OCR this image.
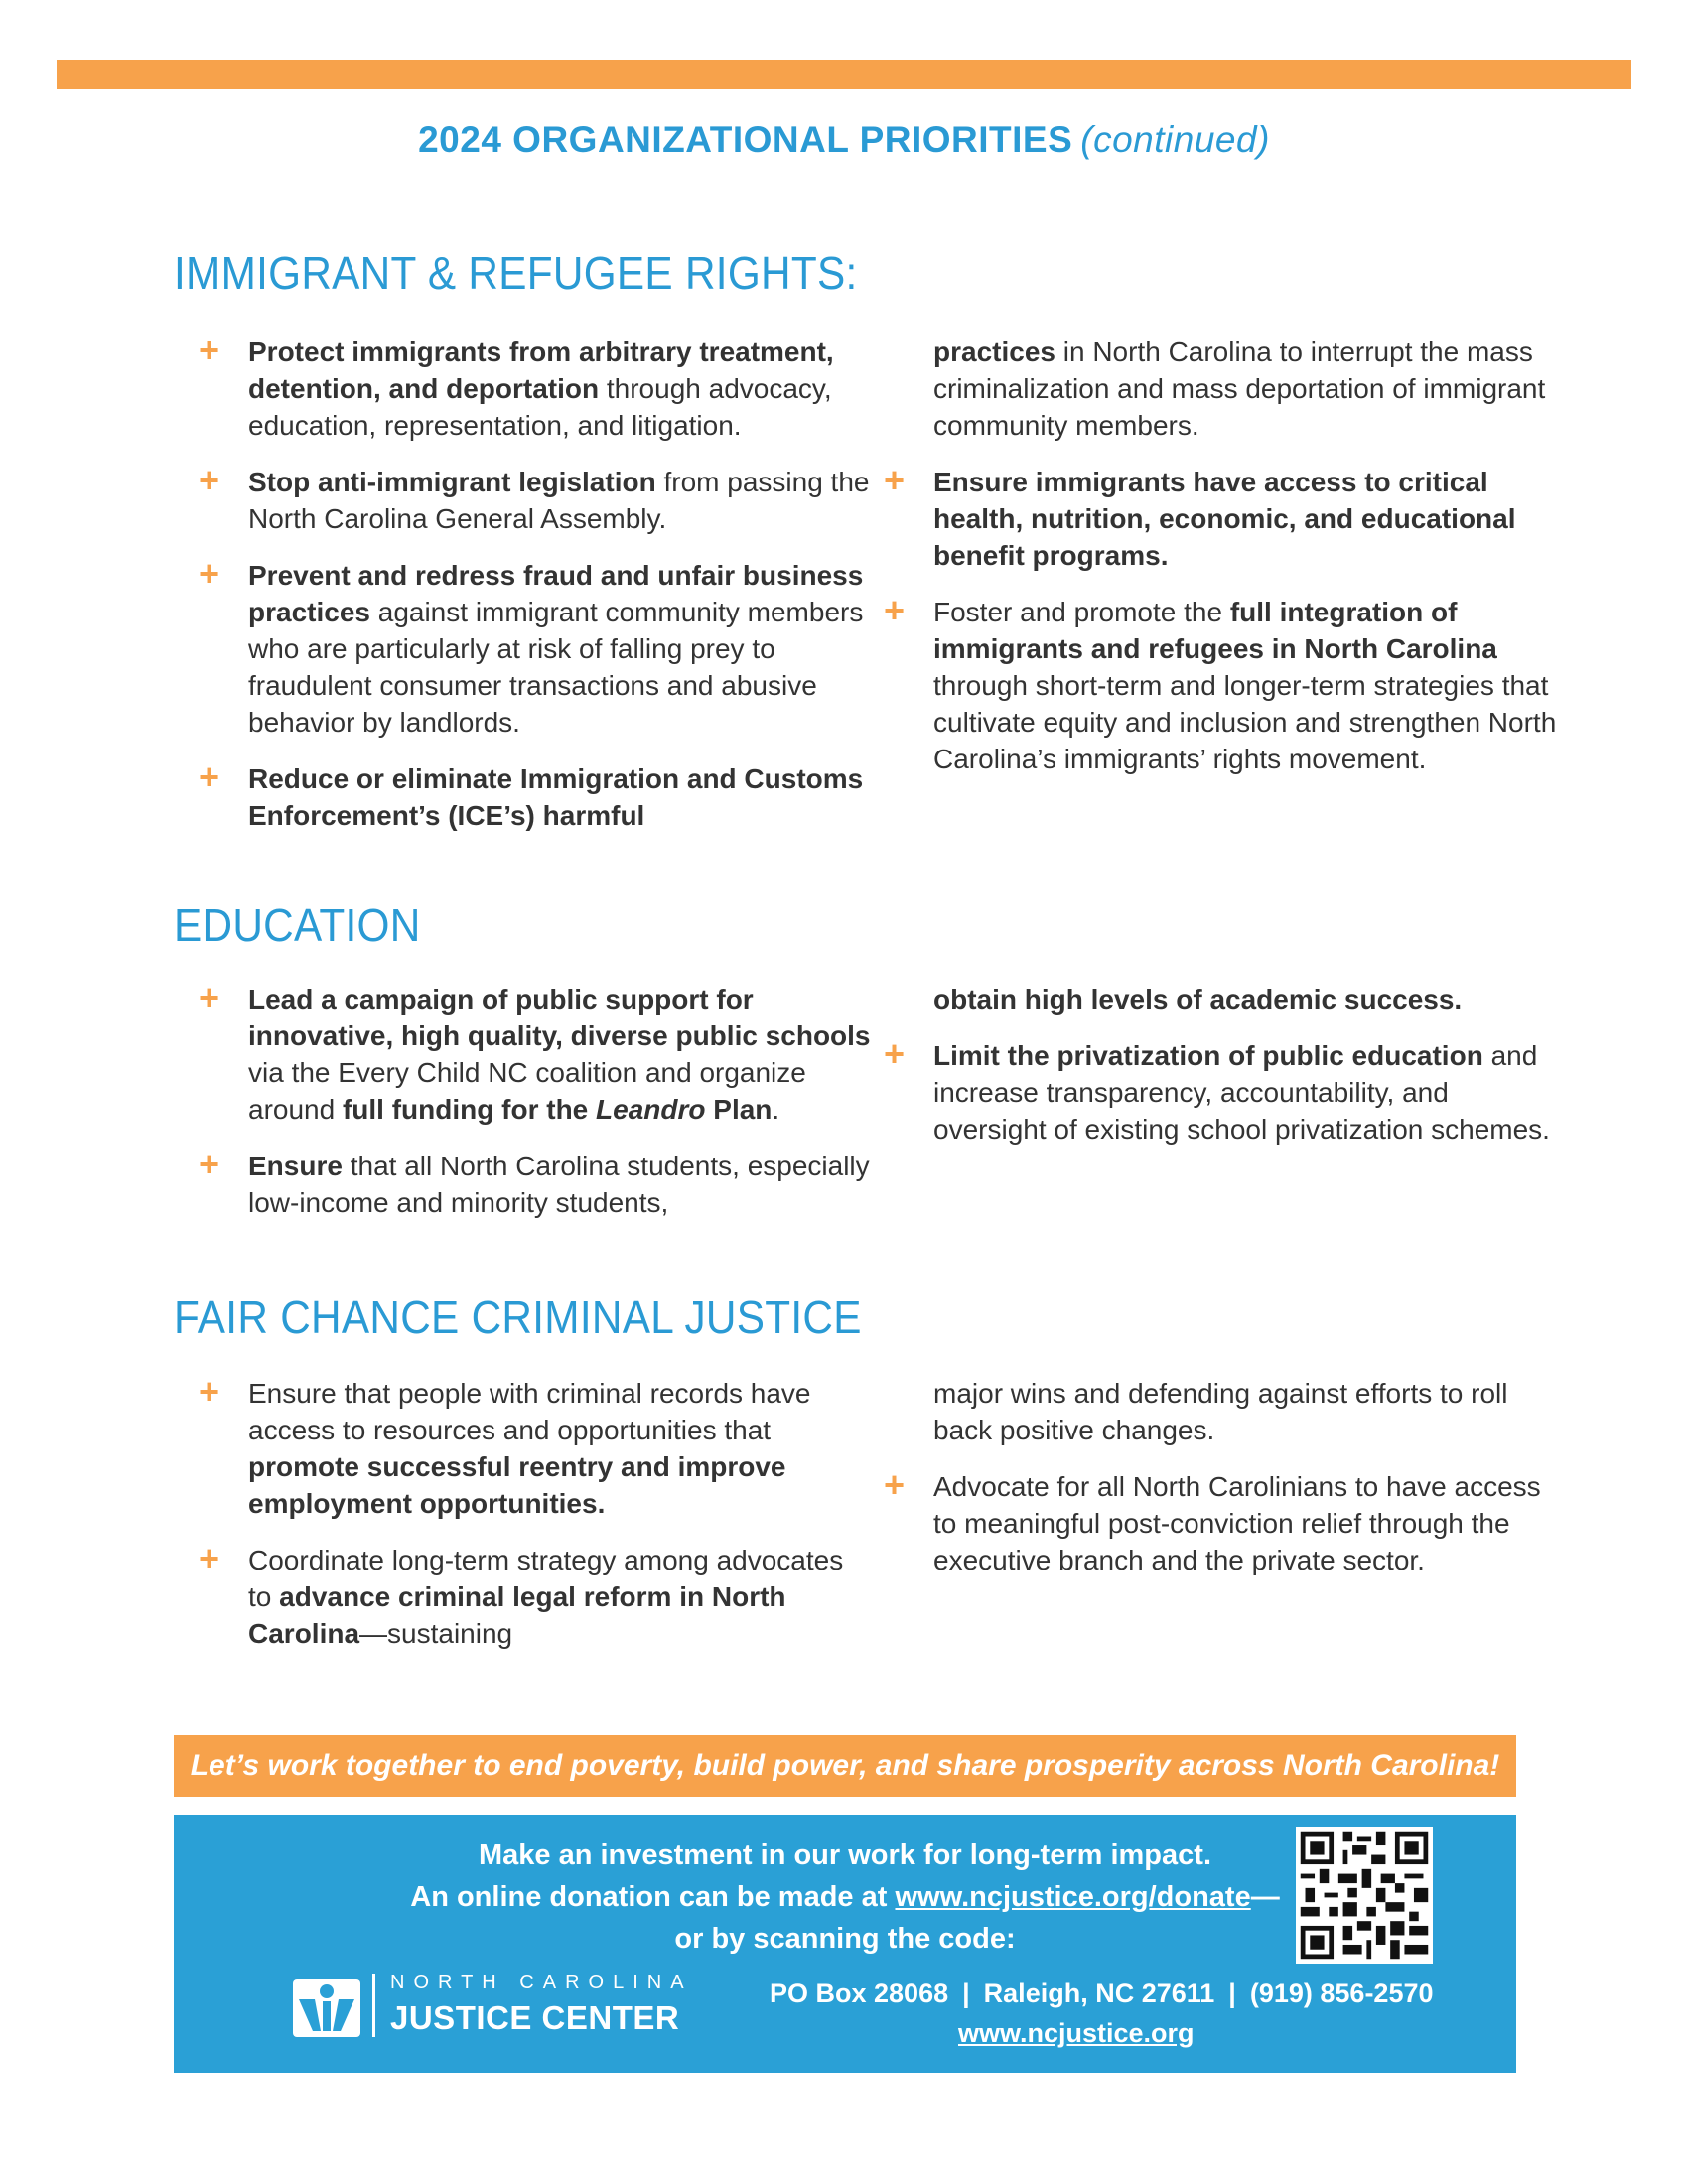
2024 ORGANIZATIONAL PRIORITIES (continued)
IMMIGRANT & REFUGEE RIGHTS:
+ Protect immigrants from arbitrary treatment, detention, and deportation through advocacy, education, representation, and litigation.
+ Stop anti-immigrant legislation from passing the North Carolina General Assembly.
+ Prevent and redress fraud and unfair business practices against immigrant community members who are particularly at risk of falling prey to fraudulent consumer transactions and abusive behavior by landlords.
+ Reduce or eliminate Immigration and Customs Enforcement’s (ICE’s) harmful
practices in North Carolina to interrupt the mass criminalization and mass deportation of immigrant community members.
+ Ensure immigrants have access to critical health, nutrition, economic, and educational benefit programs.
+ Foster and promote the full integration of immigrants and refugees in North Carolina through short-term and longer-term strategies that cultivate equity and inclusion and strengthen North Carolina’s immigrants’ rights movement.
EDUCATION
+ Lead a campaign of public support for innovative, high quality, diverse public schools via the Every Child NC coalition and organize around full funding for the Leandro Plan.
+ Ensure that all North Carolina students, especially low-income and minority students,
obtain high levels of academic success.
+ Limit the privatization of public education and increase transparency, accountability, and oversight of existing school privatization schemes.
FAIR CHANCE CRIMINAL JUSTICE
+ Ensure that people with criminal records have access to resources and opportunities that promote successful reentry and improve employment opportunities.
+ Coordinate long-term strategy among advocates to advance criminal legal reform in North Carolina—sustaining
major wins and defending against efforts to roll back positive changes.
+ Advocate for all North Carolinians to have access to meaningful post-conviction relief through the executive branch and the private sector.
Let’s work together to end poverty, build power, and share prosperity across North Carolina!
Make an investment in our work for long-term impact.
An online donation can be made at www.ncjustice.org/donate—
or by scanning the code:
NORTH CAROLINA
JUSTICE CENTER
PO Box 28068 | Raleigh, NC 27611 | (919) 856-2570
www.ncjustice.org
